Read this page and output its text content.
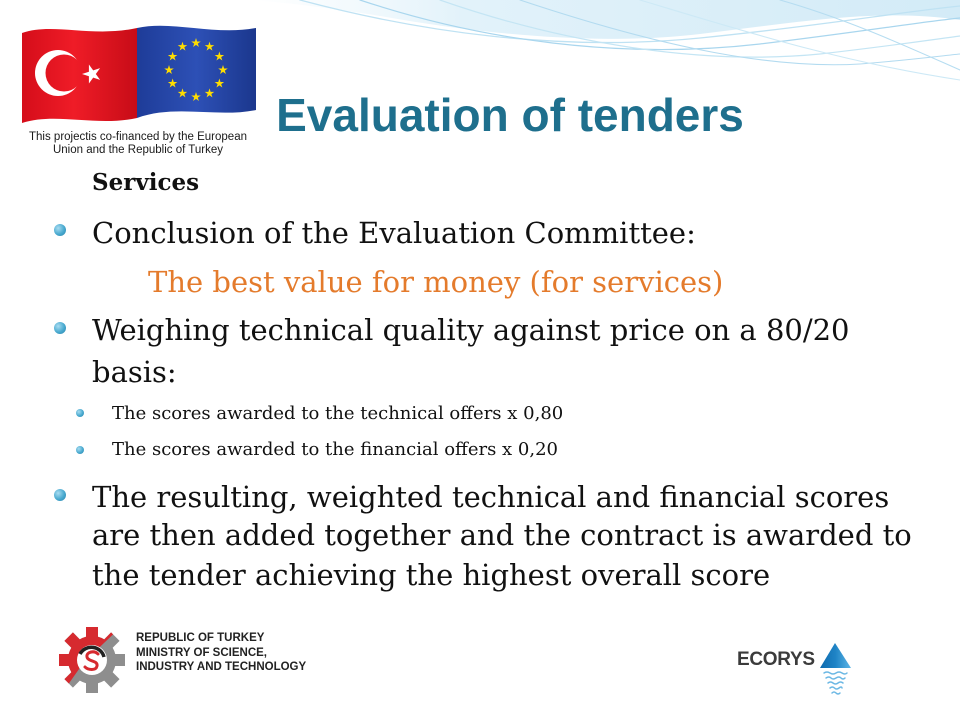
This projectis co-financed by the European
Union and the Republic of Turkey
Evaluation of tenders
Services
Conclusion of the Evaluation Committee:
The best value for money (for services)
Weighing technical quality against price on a 80/20
basis:
The scores awarded to the technical offers x 0,80
The scores awarded to the financial offers x 0,20
The resulting, weighted technical and financial scores
are then added together and the contract is awarded to
the tender achieving the highest overall score
REPUBLIC OF TURKEY
MINISTRY OF SCIENCE,
INDUSTRY AND TECHNOLOGY	ECORYS
